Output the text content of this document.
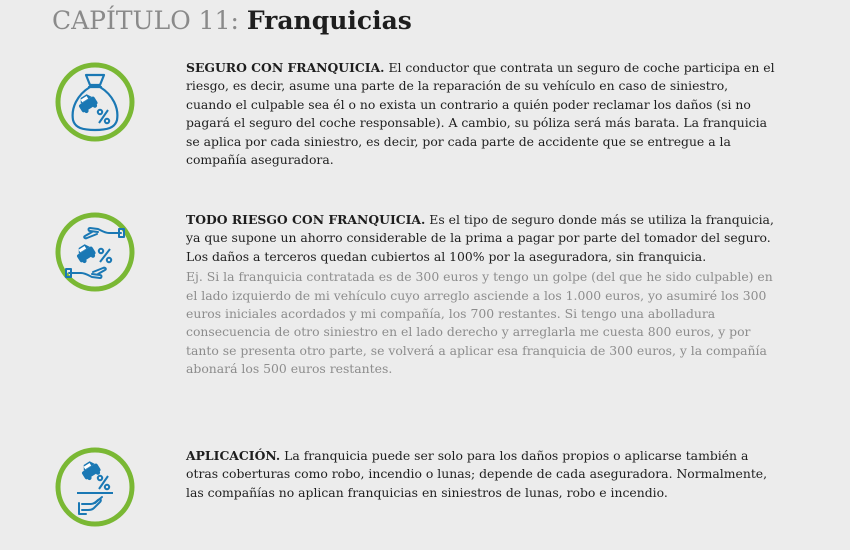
CAPÍTULO 11: Franquicias

SEGURO CON FRANQUICIA. El conductor que contrata un seguro de coche participa en el riesgo, es decir, asume una parte de la reparación de su vehículo en caso de siniestro, cuando el culpable sea él o no exista un contrario a quién poder reclamar los daños (si no pagará el seguro del coche responsable). A cambio, su póliza será más barata. La franquicia se aplica por cada siniestro, es decir, por cada parte de accidente que se entregue a la compañía aseguradora.

TODO RIESGO CON FRANQUICIA. Es el tipo de seguro donde más se utiliza la franquicia, ya que supone un ahorro considerable de la prima a pagar por parte del tomador del seguro. Los daños a terceros quedan cubiertos al 100% por la aseguradora, sin franquicia.

Ej. Si la franquicia contratada es de 300 euros y tengo un golpe (del que he sido culpable) en el lado izquierdo de mi vehículo cuyo arreglo asciende a los 1.000 euros, yo asumiré los 300 euros iniciales acordados y mi compañía, los 700 restantes. Si tengo una abolladura consecuencia de otro siniestro en el lado derecho y arreglarla me cuesta 800 euros, y por tanto se presenta otro parte, se volverá a aplicar esa franquicia de 300 euros, y la compañía abonará los 500 euros restantes.

APLICACIÓN. La franquicia puede ser solo para los daños propios o aplicarse también a otras coberturas como robo, incendio o lunas; depende de cada aseguradora. Normalmente, las compañías no aplican franquicias en siniestros de lunas, robo e incendio.
